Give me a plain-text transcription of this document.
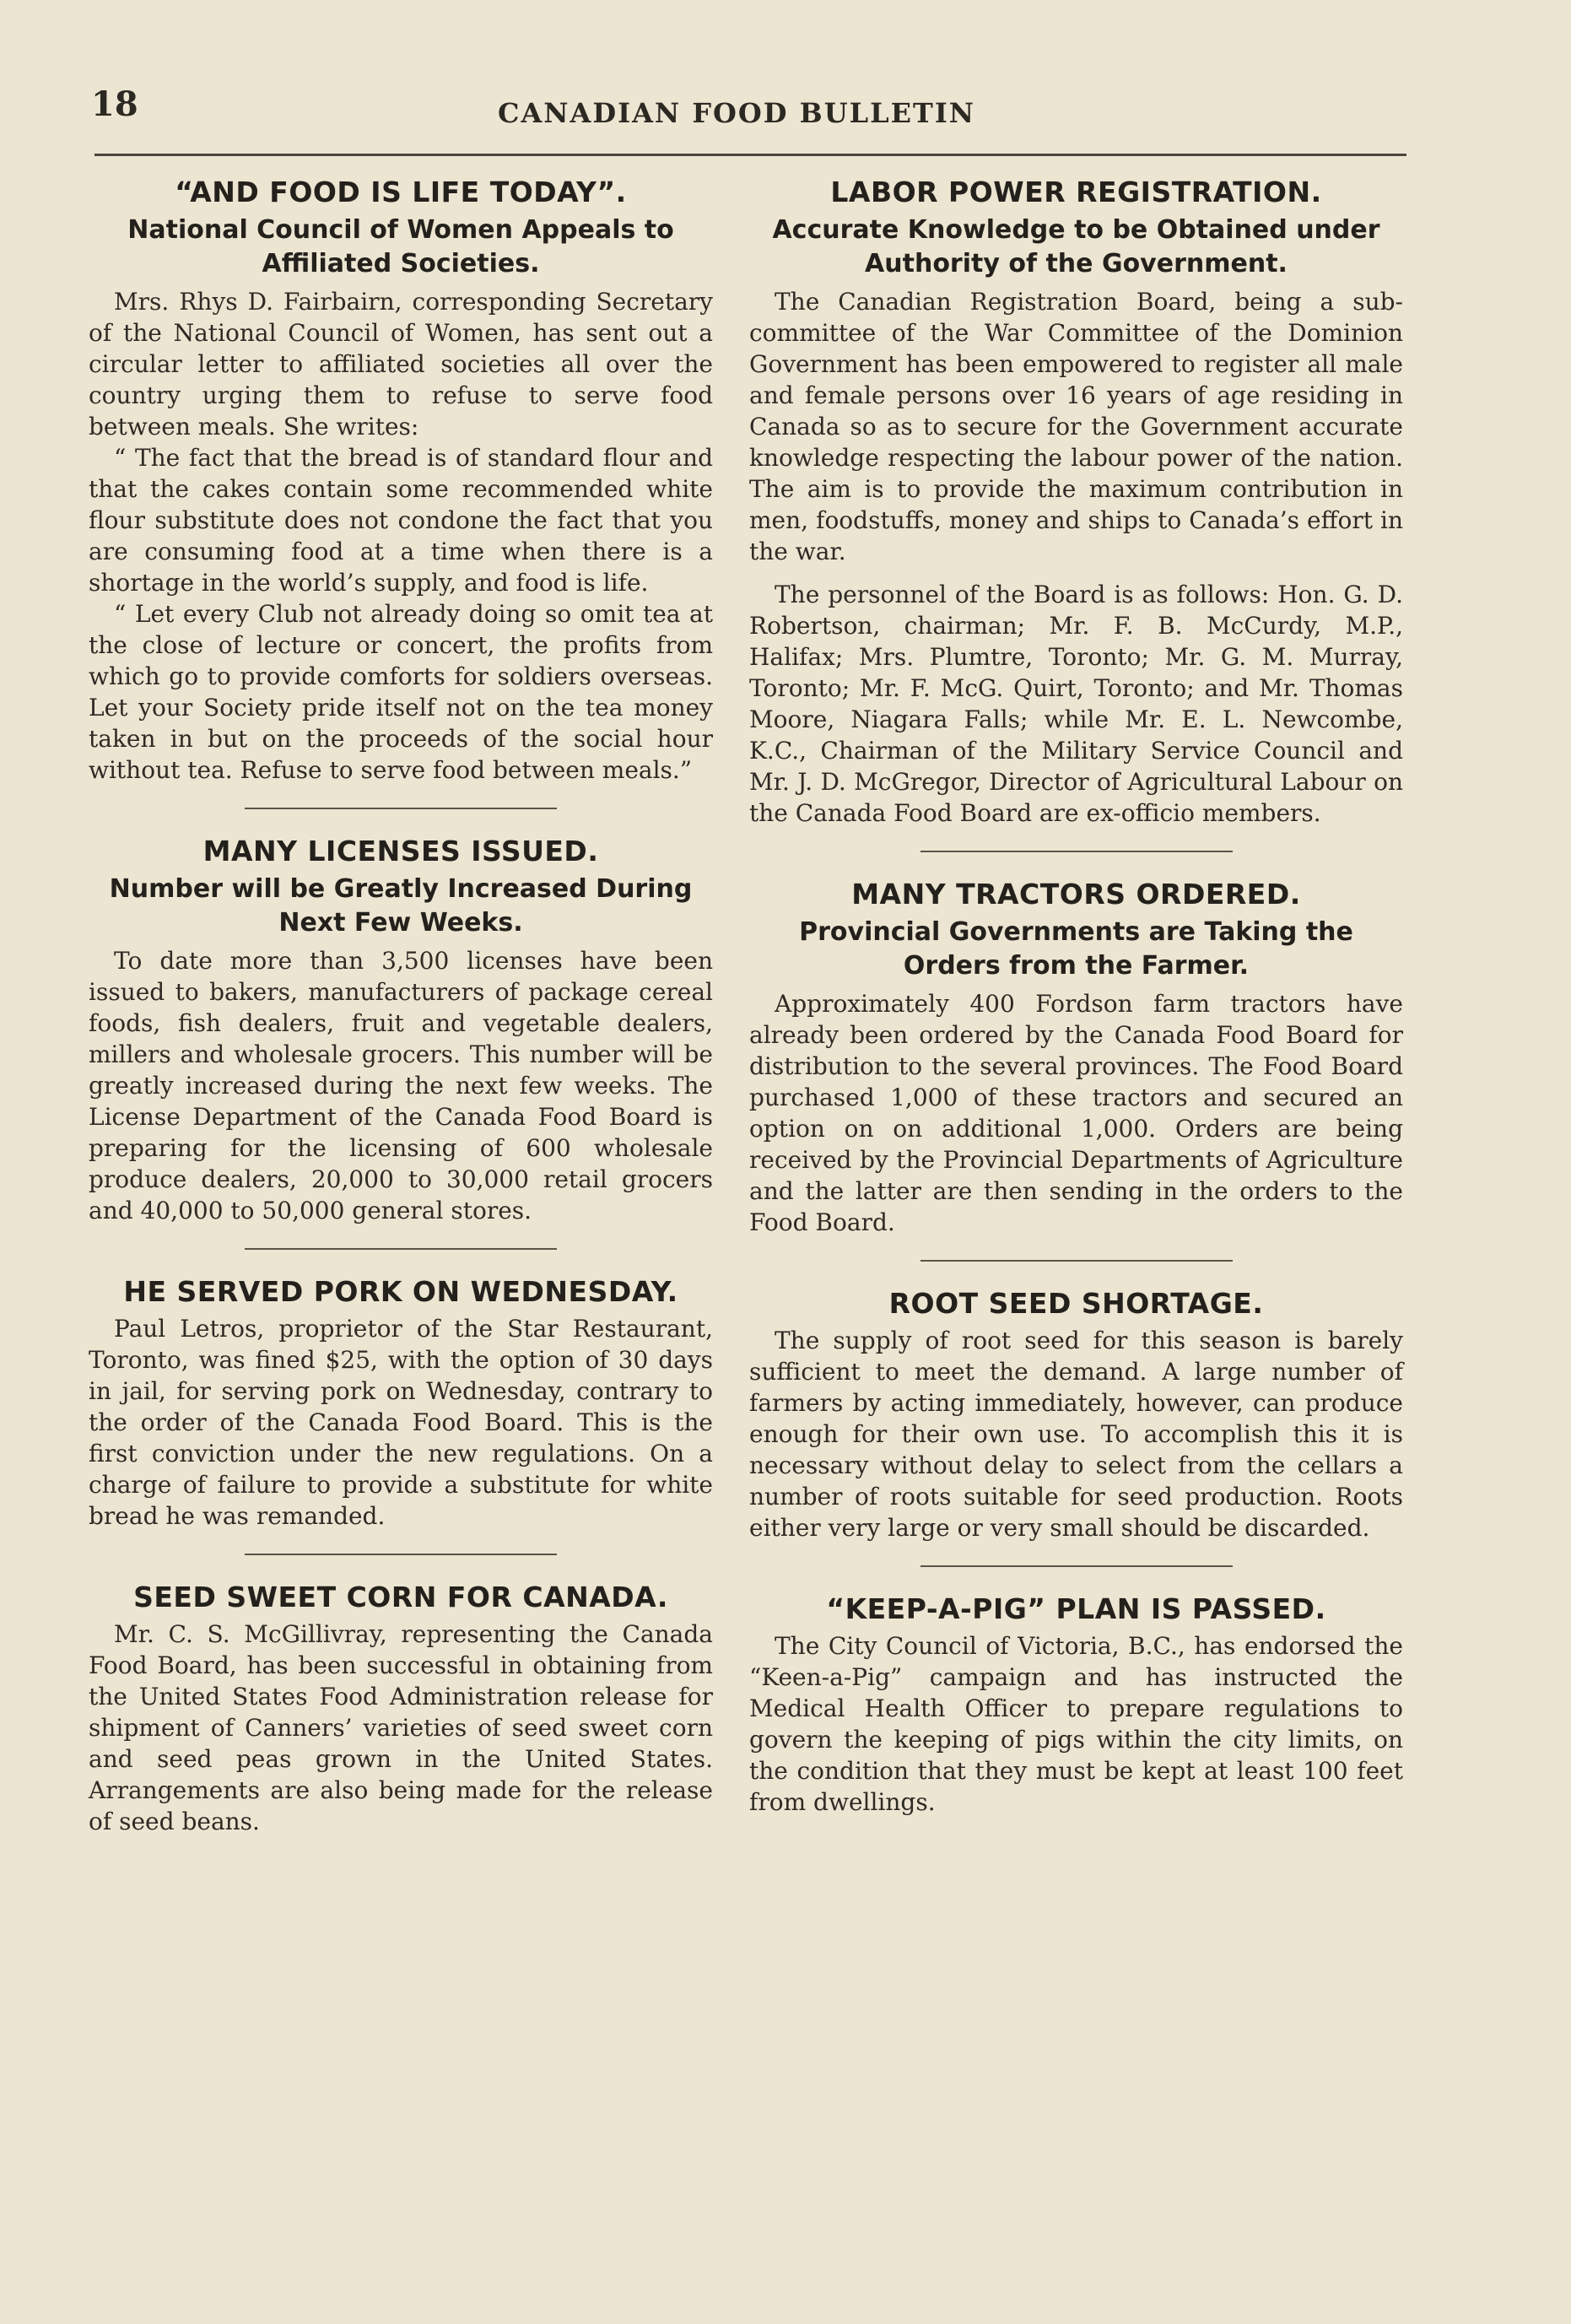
18	CANADIAN FOOD BULLETIN
“AND FOOD IS LIFE TODAY”.
National Council of Women Appeals to Affiliated Societies.

Mrs. Rhys D. Fairbairn, corresponding Secretary of the National Council of Women, has sent out a circular letter to affiliated societies all over the country urging them to refuse to serve food between meals. She writes:

“ The fact that the bread is of standard flour and that the cakes contain some recommended white flour substitute does not condone the fact that you are consuming food at a time when there is a shortage in the world’s supply, and food is life.

“ Let every Club not already doing so omit tea at the close of lecture or concert, the profits from which go to provide comforts for soldiers overseas. Let your Society pride itself not on the tea money taken in but on the proceeds of the social hour without tea. Refuse to serve food between meals.”

MANY LICENSES ISSUED.
Number will be Greatly Increased During Next Few Weeks.

To date more than 3,500 licenses have been issued to bakers, manufacturers of package cereal foods, fish dealers, fruit and vegetable dealers, millers and wholesale grocers. This number will be greatly increased during the next few weeks. The License Department of the Canada Food Board is preparing for the licensing of 600 wholesale produce dealers, 20,000 to 30,000 retail grocers and 40,000 to 50,000 general stores.

HE SERVED PORK ON WEDNESDAY.

Paul Letros, proprietor of the Star Restaurant, Toronto, was fined $25, with the option of 30 days in jail, for serving pork on Wednesday, contrary to the order of the Canada Food Board. This is the first conviction under the new regulations. On a charge of failure to provide a substitute for white bread he was remanded.

SEED SWEET CORN FOR CANADA.

Mr. C. S. McGillivray, representing the Canada Food Board, has been successful in obtaining from the United States Food Administration release for shipment of Canners’ varieties of seed sweet corn and seed peas grown in the United States. Arrangements are also being made for the release of seed beans.

LABOR POWER REGISTRATION.
Accurate Knowledge to be Obtained under Authority of the Government.

The Canadian Registration Board, being a sub-committee of the War Committee of the Dominion Government has been empowered to register all male and female persons over 16 years of age residing in Canada so as to secure for the Government accurate knowledge respecting the labour power of the nation. The aim is to provide the maximum contribution in men, foodstuffs, money and ships to Canada’s effort in the war.

The personnel of the Board is as follows: Hon. G. D. Robertson, chairman; Mr. F. B. McCurdy, M.P., Halifax; Mrs. Plumtre, Toronto; Mr. G. M. Murray, Toronto; Mr. F. McG. Quirt, Toronto; and Mr. Thomas Moore, Niagara Falls; while Mr. E. L. Newcombe, K.C., Chairman of the Military Service Council and Mr. J. D. McGregor, Director of Agricultural Labour on the Canada Food Board are ex-officio members.

MANY TRACTORS ORDERED.
Provincial Governments are Taking the Orders from the Farmer.

Approximately 400 Fordson farm tractors have already been ordered by the Canada Food Board for distribution to the several provinces. The Food Board purchased 1,000 of these tractors and secured an option on on additional 1,000. Orders are being received by the Provincial Departments of Agriculture and the latter are then sending in the orders to the Food Board.

ROOT SEED SHORTAGE.

The supply of root seed for this season is barely sufficient to meet the demand. A large number of farmers by acting immediately, however, can produce enough for their own use. To accomplish this it is necessary without delay to select from the cellars a number of roots suitable for seed production. Roots either very large or very small should be discarded.

“KEEP-A-PIG” PLAN IS PASSED.

The City Council of Victoria, B.C., has endorsed the “Keen-a-Pig” campaign and has instructed the Medical Health Officer to prepare regulations to govern the keeping of pigs within the city limits, on the condition that they must be kept at least 100 feet from dwellings.
